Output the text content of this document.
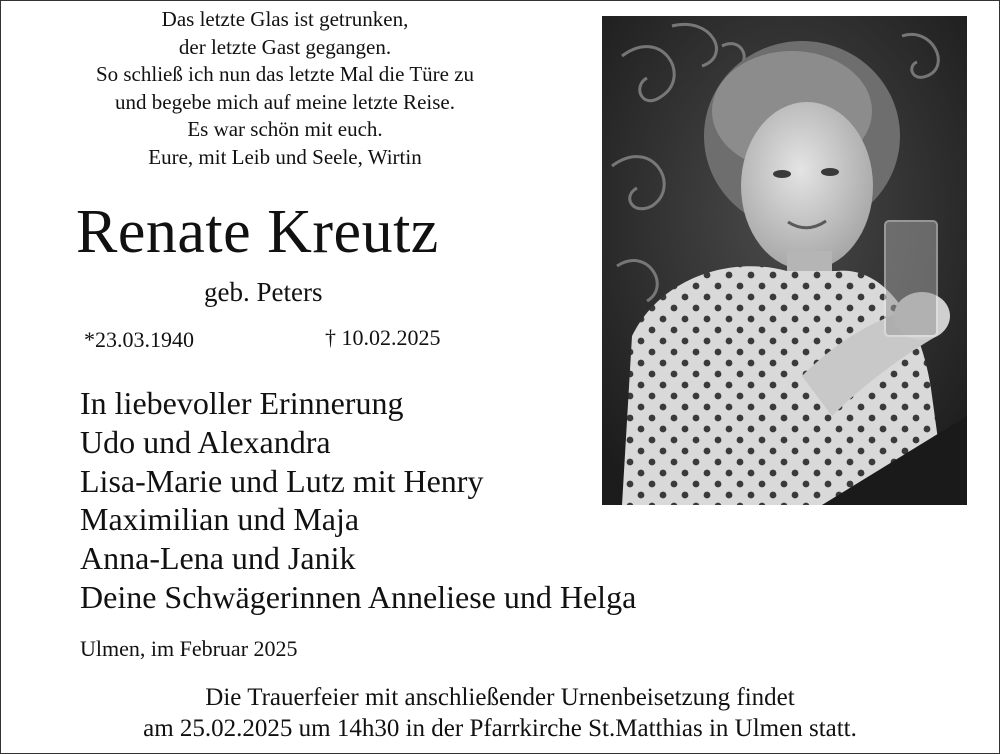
Das letzte Glas ist getrunken,
der letzte Gast gegangen.
So schließ ich nun das letzte Mal die Türe zu
und begebe mich auf meine letzte Reise.
Es war schön mit euch.
Eure, mit Leib und Seele, Wirtin
Renate Kreutz
geb. Peters
*23.03.1940	† 10.02.2025
In liebevoller Erinnerung
Udo und Alexandra
Lisa-Marie und Lutz mit Henry
Maximilian und Maja
Anna-Lena und Janik
Deine Schwägerinnen Anneliese und Helga
Ulmen, im Februar 2025
Die Trauerfeier mit anschließender Urnenbeisetzung findet
am 25.02.2025 um 14h30 in der Pfarrkirche St.Matthias in Ulmen statt.
